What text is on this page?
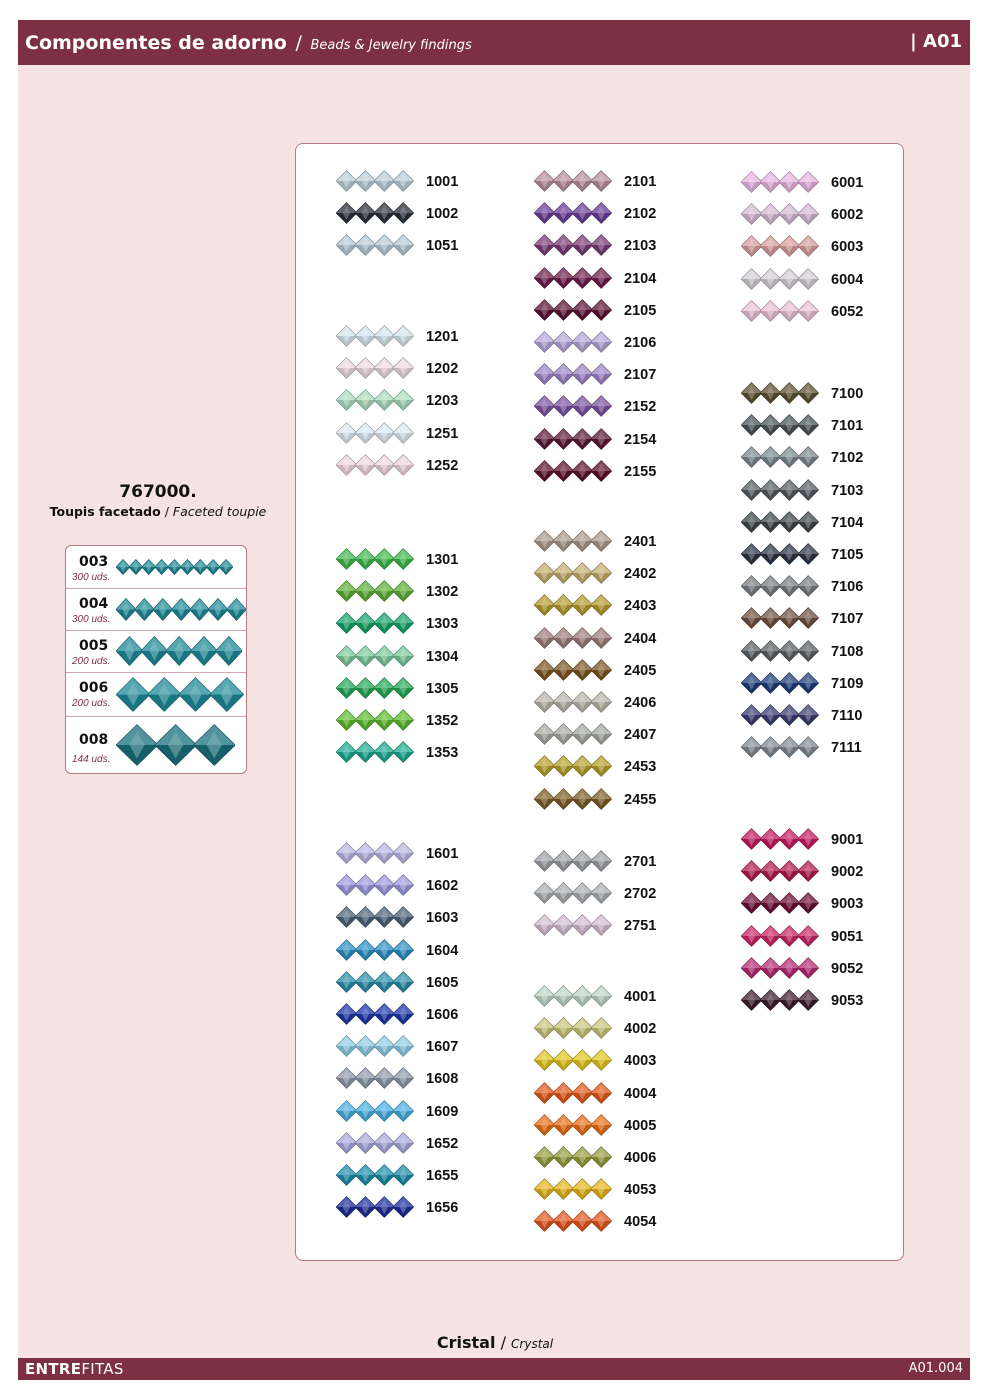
Componentes de adorno / Beads & Jewelry findings	| A01
767000.
Toupis facetado / Faceted toupie
003
300 uds.
004
300 uds.
005
200 uds.
006
200 uds.
008
144 uds.
1001
1002
1051
1201
1202
1203
1251
1252
1301
1302
1303
1304
1305
1352
1353
1601
1602
1603
1604
1605
1606
1607
1608
1609
1652
1655
1656
2101
2102
2103
2104
2105
2106
2107
2152
2154
2155
2401
2402
2403
2404
2405
2406
2407
2453
2455
2701
2702
2751
4001
4002
4003
4004
4005
4006
4053
4054
6001
6002
6003
6004
6052
7100
7101
7102
7103
7104
7105
7106
7107
7108
7109
7110
7111
9001
9002
9003
9051
9052
9053
Cristal / Crystal
ENTREFITAS	A01.004
